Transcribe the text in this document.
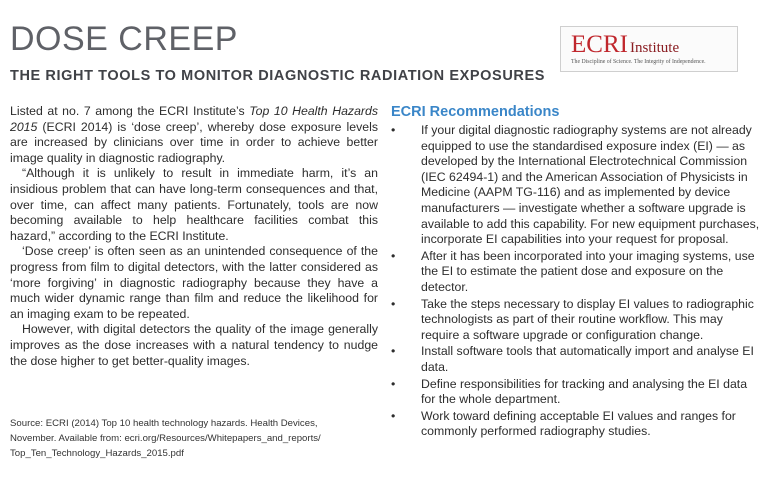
DOSE CREEP
THE RIGHT TOOLS TO MONITOR DIAGNOSTIC RADIATION EXPOSURES
ECRI Institute
The Discipline of Science. The Integrity of Independence.

Listed at no. 7 among the ECRI Institute’s Top 10 Health Hazards 2015 (ECRI 2014) is ‘dose creep’, whereby dose exposure levels are increased by clinicians over time in order to achieve better image quality in diagnostic radiography.

“Although it is unlikely to result in immediate harm, it’s an insidious problem that can have long-term consequences and that, over time, can affect many patients. Fortunately, tools are now becoming available to help healthcare facilities combat this hazard,” according to the ECRI Institute.

‘Dose creep’ is often seen as an unintended consequence of the progress from film to digital detectors, with the latter considered as ‘more forgiving’ in diagnostic radiography because they have a much wider dynamic range than film and reduce the likelihood for an imaging exam to be repeated.

However, with digital detectors the quality of the image generally improves as the dose increases with a natural tendency to nudge the dose higher to get better-quality images.

Source: ECRI (2014) Top 10 health technology hazards. Health Devices,

November. Available from: ecri.org/Resources/Whitepapers_and_reports/

Top_Ten_Technology_Hazards_2015.pdf

ECRI Recommendations
• If your digital diagnostic radiography systems are not already equipped to use the standardised exposure index (EI) — as developed by the International Electrotechnical Commission (IEC 62494-1) and the American Association of Physicists in Medicine (AAPM TG-116) and as implemented by device manufacturers — investigate whether a software upgrade is available to add this capability. For new equipment purchases, incorporate EI capabilities into your request for proposal.
• After it has been incorporated into your imaging systems, use the EI to estimate the patient dose and exposure on the detector.
• Take the steps necessary to display EI values to radiographic technologists as part of their routine workflow. This may require a software upgrade or configuration change.
• Install software tools that automatically import and analyse EI data.
• Define responsibilities for tracking and analysing the EI data for the whole department.
• Work toward defining acceptable EI values and ranges for commonly performed radiography studies.
